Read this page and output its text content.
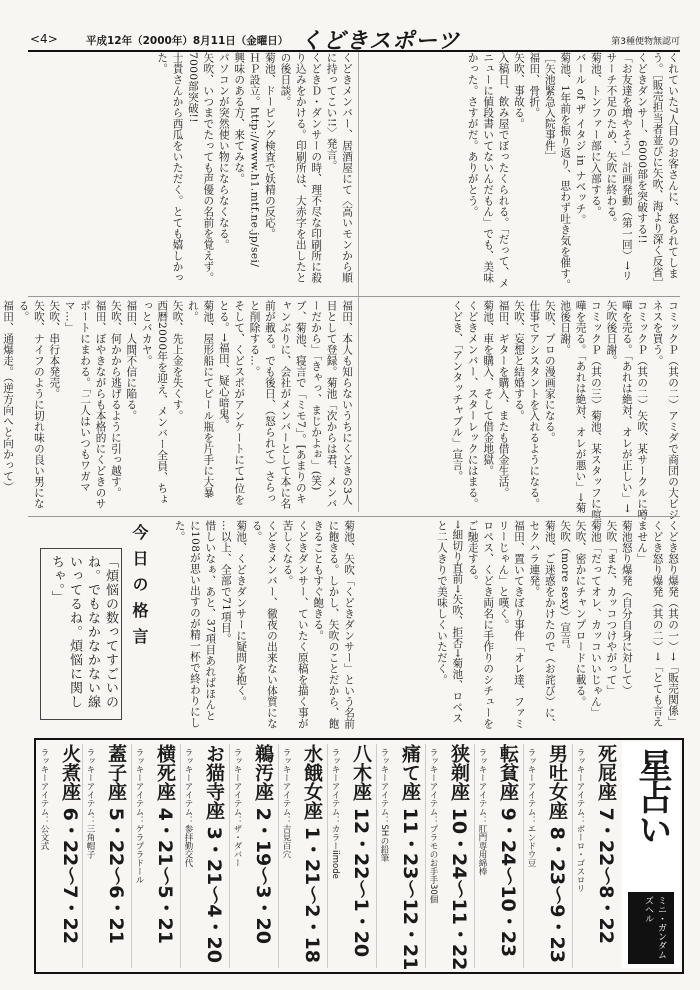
<4>	平成12年（2000年）8月11日（金曜日） くどきスポーツ	第3種便物無認可
くれていた7人目のお客さんに、怒られてしまう。［販売担当者並びに矢吹、海より深く反省］
くどきダンサー、6000部を突破する!!
「お友達を増やそう」計画発動（第一回）→リサーチ不足のため、矢吹に終わる。
菊池、トンファー部に入部する。
バール of ザ イタジ in ナベッチ。
菊池、1年前を振り返り、思わず吐き気を催す。［矢池緊急入院事件］
福田、骨折。
矢吹、事故る。
入稿日、飲み屋でぼったくられる。「だって、メニューに値段書いてないんだもん」でも、美味かった。さすがだ。ありがとう。
くどきメンバー、居酒屋にて〈高いモンから順に持ってこい!!〉発言。
くどきＤ・ダンサーの時、理不尽な印刷所に殺り込みをかける。印刷所は、大赤字を出したとの後日談。
菊池、ドーピング検査で妖精の反応。
ＨＰ設立。http://www.h1.mtf.ne.jp/sei/
興味のある方、来てみな。
パソコンが突然使い物にならなくなる。
矢吹、いつまでたっても声優の名前を覚えず。
7000部突破!!
士貴さんから西瓜をいただく。とても嬉しかった。
コミックＰ（其の二）アミダで商団の大ビジネスを買う。
コミックＰ（其の二）矢吹、某サークルに噂嘩を売る。「あれは絶対、オレが正しい」→矢吹後日謝。
コミックＰ（其の三）菊池、某スタッフに喧嘩を売る。「あれは絶対、オレが悪い」→菊池後日謝。
矢吹、プロの漫画家になる。
仕事でアシスタントを入れるようになる。
矢吹、妄想と結婚する。
福田、ギターを購入、またも借金生活。
菊池、車を購入、そして借金地獄。
くどきメンバー、スターレックにはまる。
くどき、「アンタッチャブル」宣言。
福田、本人も知らないうちにくどきの3人目として登録。菊池「次からは君、メンバーだから」「きゃっ、まじかよぉ」(笑)
ブ、菊池、寝言で「ミモ7」。[あまりのキャンぶりに、会社がメンバーとして本に名前が載る。でも後日、（怒られて）さらっと削除する…。
そして、くどスポがアンケートにて1位をとる。→福田、疑心暗鬼。
菊池、屋形船にてビール瓶を片手に大暴れ。
矢吹、先上金を失くす。
西暦2000年を迎え、メンバー全員、ちょっとバカヤ。
福田、人間不信に陥る。
矢吹、何かから逃げるように引っ越す。
福田、ぼやきながらも本格的にくどきのサポートにまわる。「二人はいつもワガママ…」
矢吹、串行本発売。
矢吹、ナイフのように切れ味の良い男になる。
福田、通爆走。（逆方向へと向かって）

くどき怒り爆発（其の一）→「販売関係」
くどき怒り爆発（其の二）→「とても言えません」
菊池怒り爆発（自分自身に対して）
矢吹「また、カッコつけやがって」
菊池「だってオレ、カッコいいじゃん」
矢吹、密かにチャンプロードに載る。
矢吹（more sexy）宣言。
菊池、ご迷惑をかけたので（お詫び）に、セクハラ連発。
福田、置いてきぼり事件「オレ達、ファミリーじゃん」と嘆く。
ロペス、くどき両名に手作りのシチューをご馳走する。
→細切り直前→矢吹、拒否→菊池、ロペスと二人きりで美味しくいただく。
菊池、矢吹「くどきダンサー」という名前に飽きる。しかし、矢吹のことだから、飽きることもすぐ飽きる。
くどきダンサー、ていたく原稿を描く事が苦しくなる。
くどきメンバー、徹夜の出来ない体質になる。
菊池、くどきダンサーに疑問を抱く。
…以上、全部で71項目。
惜しいなぁ、あと、37項目あればほんとに108が思い出すのが精一杯で終わりにした。
今日の格言
「煩悩の数ってすごいのね。でもなかなかない線いってるね。煩悩に関しちゃ。」
星占い
ミニ・ガンダムズヘル
死屁座 7・22〜8・22
ラッキーアイテム：ボーロ・ゴスロリ
男吐女座 8・23〜9・23
ラッキーアイテム：エンドウ豆
転貧座 9・24〜10・23
ラッキーアイテム：肛門専用綿棒
狭剃座 10・24〜11・22
ラッキーアイテム：プラモのお手手30個
痛て座 11・23〜12・21
ラッキーアイテム：SHの鉛筆
八木座 12・22〜1・20
ラッキーアイテム：カラーiimode
水餓女座 1・21〜2・18
ラッキーアイテム：吉見百穴
鵜汚座 2・19〜3・20
ラッキーアイテム：ザ・ダバー
お猫寺座 3・21〜4・20
ラッキーアイテム：参拝勤交代
横死座 4・21〜5・21
ラッキーアイテム：ゲラプラドール
蓋子座 5・22〜6・21
ラッキーアイテム：三角帽子
火煮座 6・22〜7・22
ラッキーアイテム：公文式
